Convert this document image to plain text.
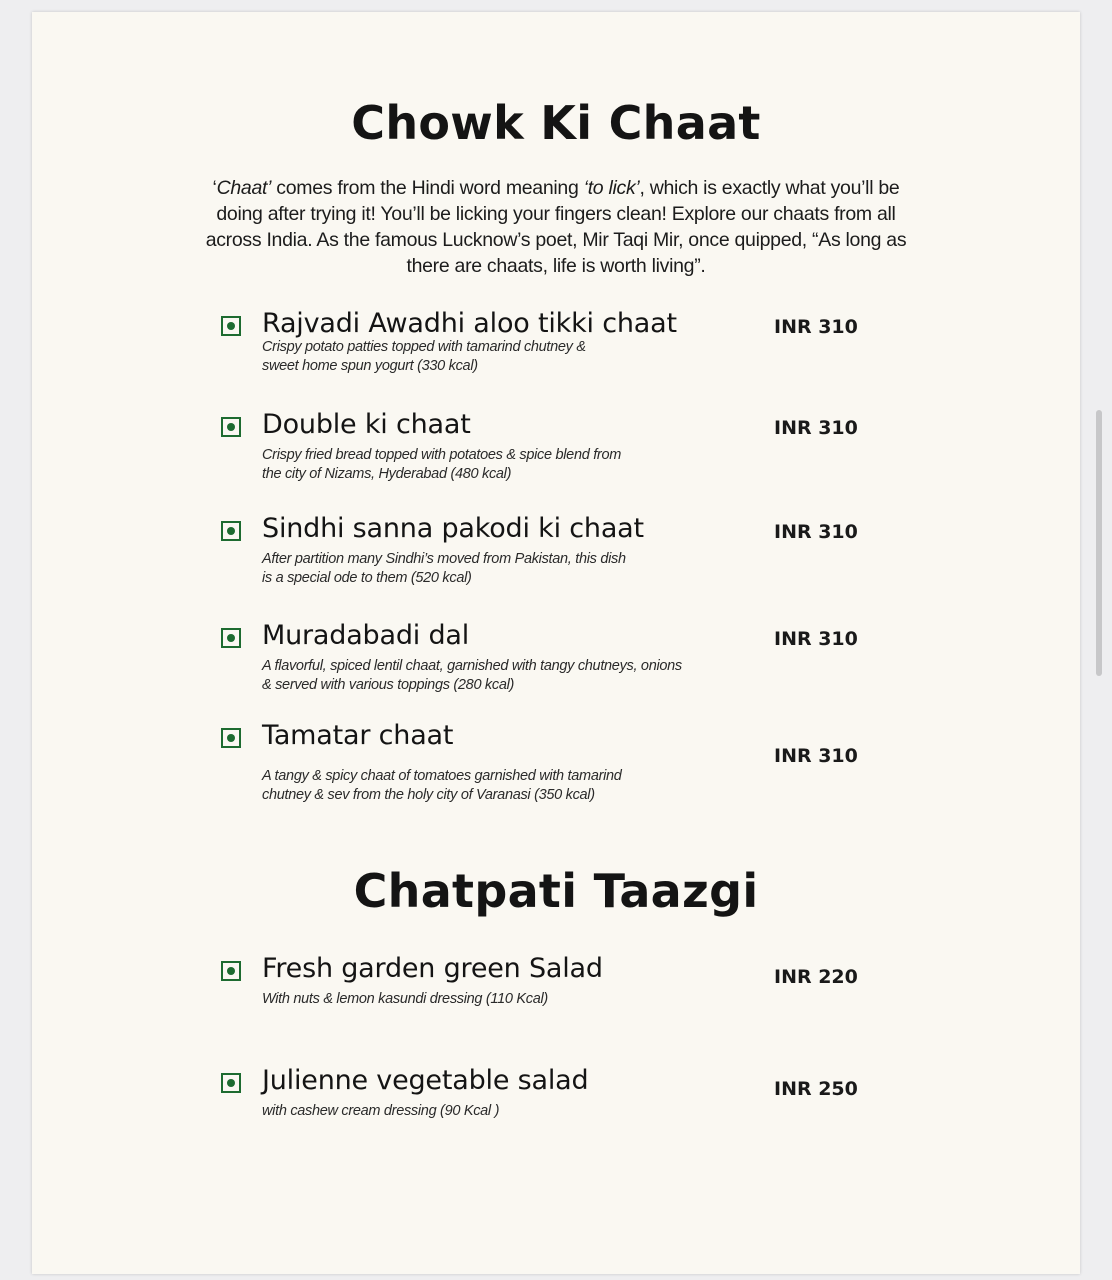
Chowk Ki Chaat
‘Chaat’ comes from the Hindi word meaning ‘to lick’, which is exactly what you’ll be doing after trying it! You’ll be licking your fingers clean! Explore our chaats from all across India. As the famous Lucknow’s poet, Mir Taqi Mir, once quipped, “As long as there are chaats, life is worth living”.
Rajvadi Awadhi aloo tikki chaat
Crispy potato patties topped with tamarind chutney &
sweet home spun yogurt (330 kcal)
INR 310
Double ki chaat
Crispy fried bread topped with potatoes & spice blend from
the city of Nizams, Hyderabad (480 kcal)
INR 310
Sindhi sanna pakodi ki chaat
After partition many Sindhi’s moved from Pakistan, this dish
is a special ode to them (520 kcal)
INR 310
Muradabadi dal
A flavorful, spiced lentil chaat, garnished with tangy chutneys, onions
& served with various toppings (280 kcal)
INR 310
Tamatar chaat
A tangy & spicy chaat of tomatoes garnished with tamarind
chutney & sev from the holy city of Varanasi (350 kcal)
INR 310
Chatpati Taazgi
Fresh garden green Salad
With nuts & lemon kasundi dressing (110 Kcal)
INR 220
Julienne vegetable salad
with cashew cream dressing (90 Kcal )
INR 250
